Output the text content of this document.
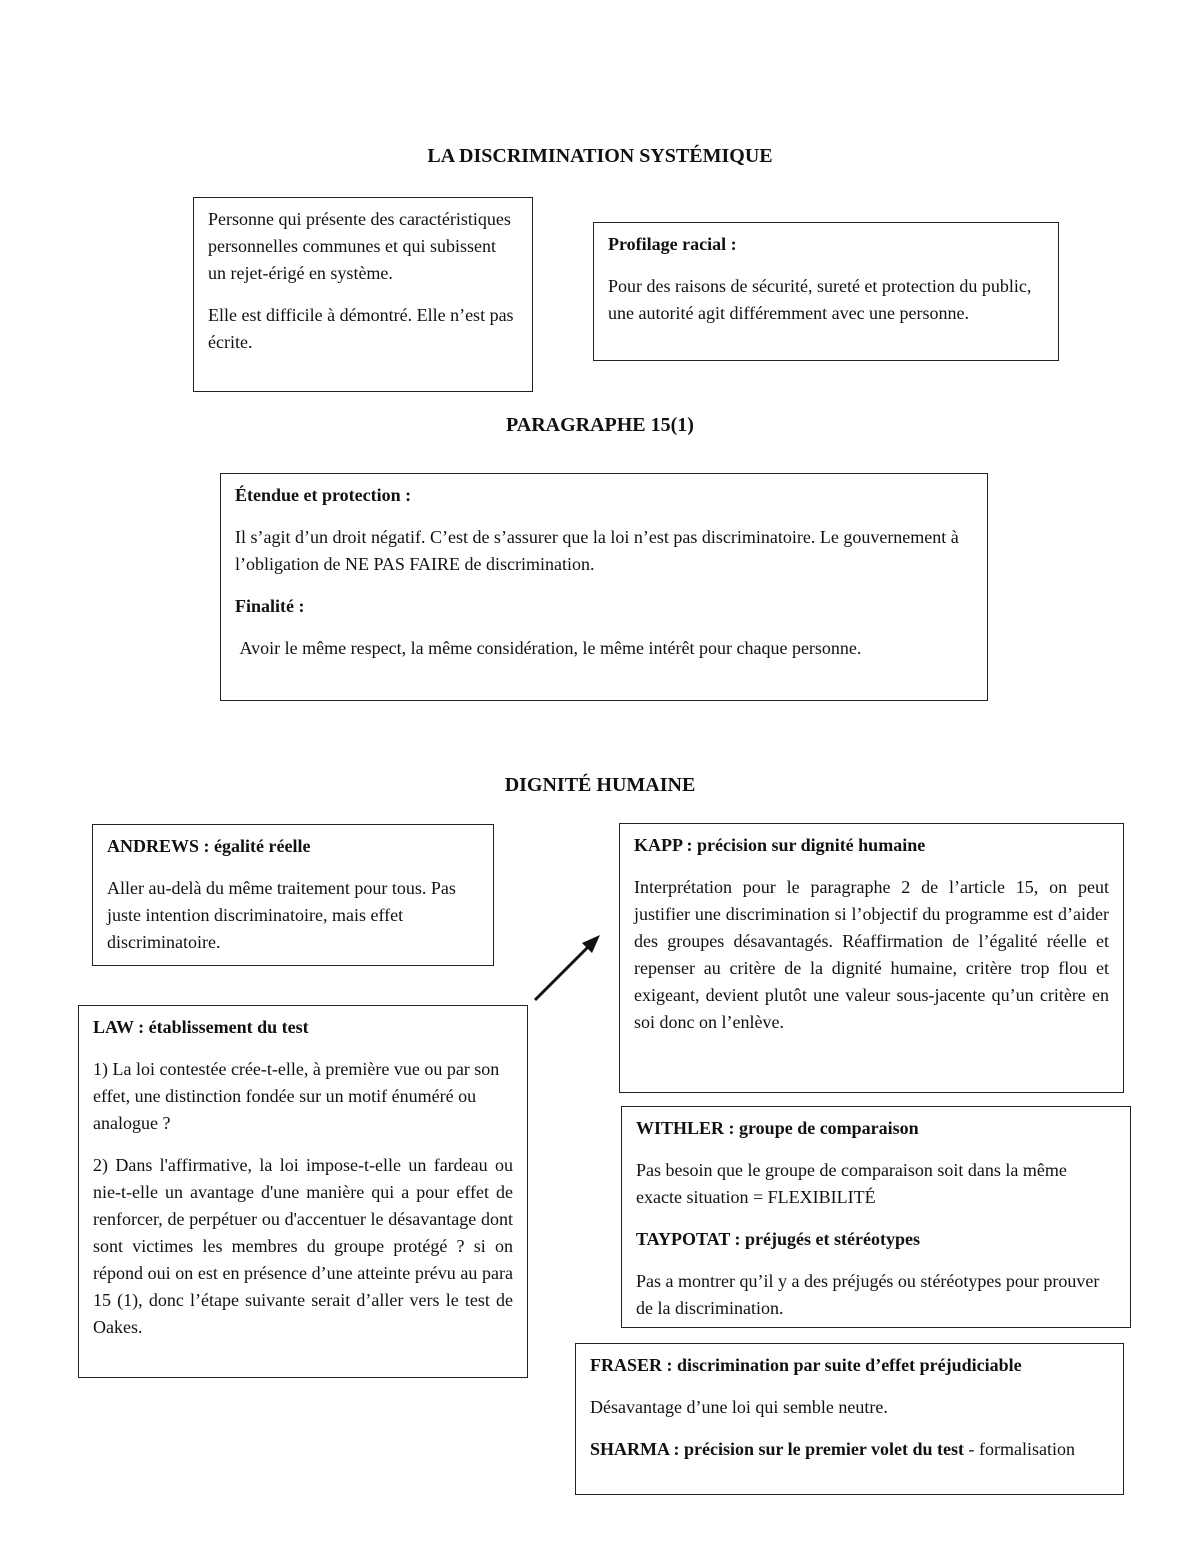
LA DISCRIMINATION SYSTÉMIQUE

Personne qui présente des caractéristiques personnelles communes et qui subissent un rejet-érigé en système.

Elle est difficile à démontré. Elle n’est pas écrite.

Profilage racial :

Pour des raisons de sécurité, sureté et protection du public, une autorité agit différemment avec une personne.

PARAGRAPHE 15(1)

Étendue et protection :

Il s’agit d’un droit négatif. C’est de s’assurer que la loi n’est pas discriminatoire. Le gouvernement à l’obligation de NE PAS FAIRE de discrimination.

Finalité :

Avoir le même respect, la même considération, le même intérêt pour chaque personne.

DIGNITÉ HUMAINE

ANDREWS : égalité réelle

Aller au-delà du même traitement pour tous. Pas juste intention discriminatoire, mais effet discriminatoire.

KAPP : précision sur dignité humaine

Interprétation pour le paragraphe 2 de l’article 15, on peut justifier une discrimination si l’objectif du programme est d’aider des groupes désavantagés. Réaffirmation de l’égalité réelle et repenser au critère de la dignité humaine, critère trop flou et exigeant, devient plutôt une valeur sous-jacente qu’un critère en soi donc on l’enlève.

LAW : établissement du test

1) La loi contestée crée-t-elle, à première vue ou par son effet, une distinction fondée sur un motif énuméré ou analogue ?

2) Dans l'affirmative, la loi impose-t-elle un fardeau ou nie-t-elle un avantage d'une manière qui a pour effet de renforcer, de perpétuer ou d'accentuer le désavantage dont sont victimes les membres du groupe protégé ? si on répond oui on est en présence d’une atteinte prévu au para 15 (1), donc l’étape suivante serait d’aller vers le test de Oakes.

WITHLER : groupe de comparaison

Pas besoin que le groupe de comparaison soit dans la même exacte situation = FLEXIBILITÉ

TAYPOTAT : préjugés et stéréotypes

Pas a montrer qu’il y a des préjugés ou stéréotypes pour prouver de la discrimination.

FRASER : discrimination par suite d’effet préjudiciable

Désavantage d’une loi qui semble neutre.

SHARMA : précision sur le premier volet du test - formalisation
